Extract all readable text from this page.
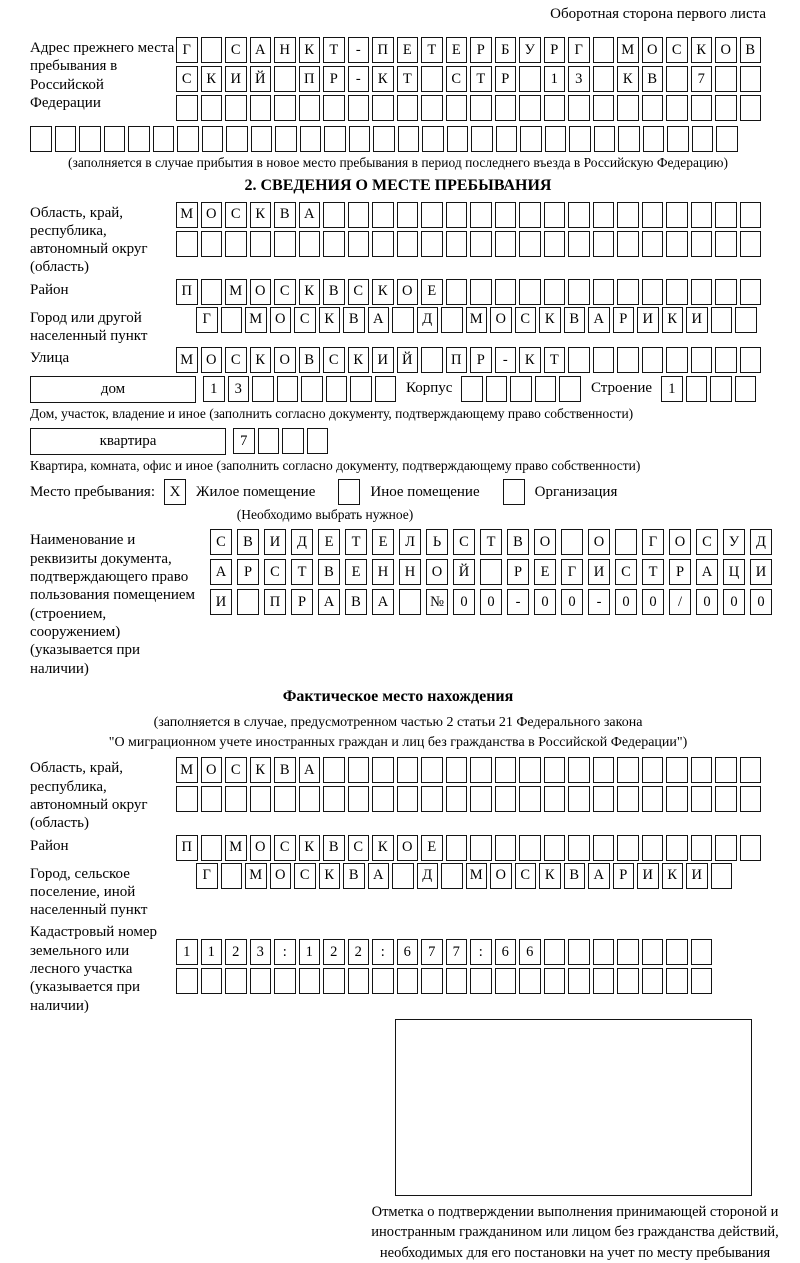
Оборотная сторона первого листа
Адрес прежнего места пребывания в Российской Федерации
Г	С А Н К	Т	-	П	Е	Т	Е	Р	Б	У	Р	Г	М О С	К О В
С	К И Й	П	Р	-	К	Т	С	Т	Р	1	3	К	В	7
(заполняется в случае прибытия в новое место пребывания в период последнего въезда в Российскую Федерацию)
2. СВЕДЕНИЯ О МЕСТЕ ПРЕБЫВАНИЯ
Область, край, республика, автономный округ (область)
М О С	К	В А
Район	П	М О С	К	В	С	К О	Е
Город или другой населенный пункт
Г	М О С	К	В А	Д	М О С	К	В А	Р	И К И
Улица	М О С	К О В	С	К И Й	П	Р	-	К	Т
дом	1	3	Корпус	Строение	1
Дом, участок, владение и иное (заполнить согласно документу, подтверждающему право собственности)
квартира	7
Квартира, комната, офис и иное (заполнить согласно документу, подтверждающему право собственности)
Место пребывания: X	Жилое помещение	Иное помещение	Организация
(Необходимо выбрать нужное)
Наименование и реквизиты документа, подтверждающего право пользования помещением (строением, сооружением) (указывается при наличии)
С	В	И	Д	Е	Т	Е	Л	Ь	С	Т	В	О	О	Г	О	С	У	Д
А	Р	С	Т	В	Е	Н	Н	О	Й	Р	Е	Г	И	С	Т	Р	А	Ц	И
И	П	Р	А	В	А	№	0	0	-	0	0	-	0	0	/	0	0	0
Фактическое место нахождения
(заполняется в случае, предусмотренном частью 2 статьи 21 Федерального закона
"О миграционном учете иностранных граждан и лиц без гражданства в Российской Федерации")
Область, край, республика, автономный округ (область)
М О С	К	В А
Район	П	М О С	К	В	С	К О	Е
Город, сельское поселение, иной населенный пункт
Г	М О С	К	В А	Д	М О С	К	В А	Р	И К И
Кадастровый номер земельного или лесного участка (указывается при наличии)
1	1	2	3	:	1	2	2	:	6	7	7	:	6	6
Отметка о подтверждении выполнения принимающей стороной и иностранным гражданином или лицом без гражданства действий, необходимых для его постановки на учет по месту пребывания
